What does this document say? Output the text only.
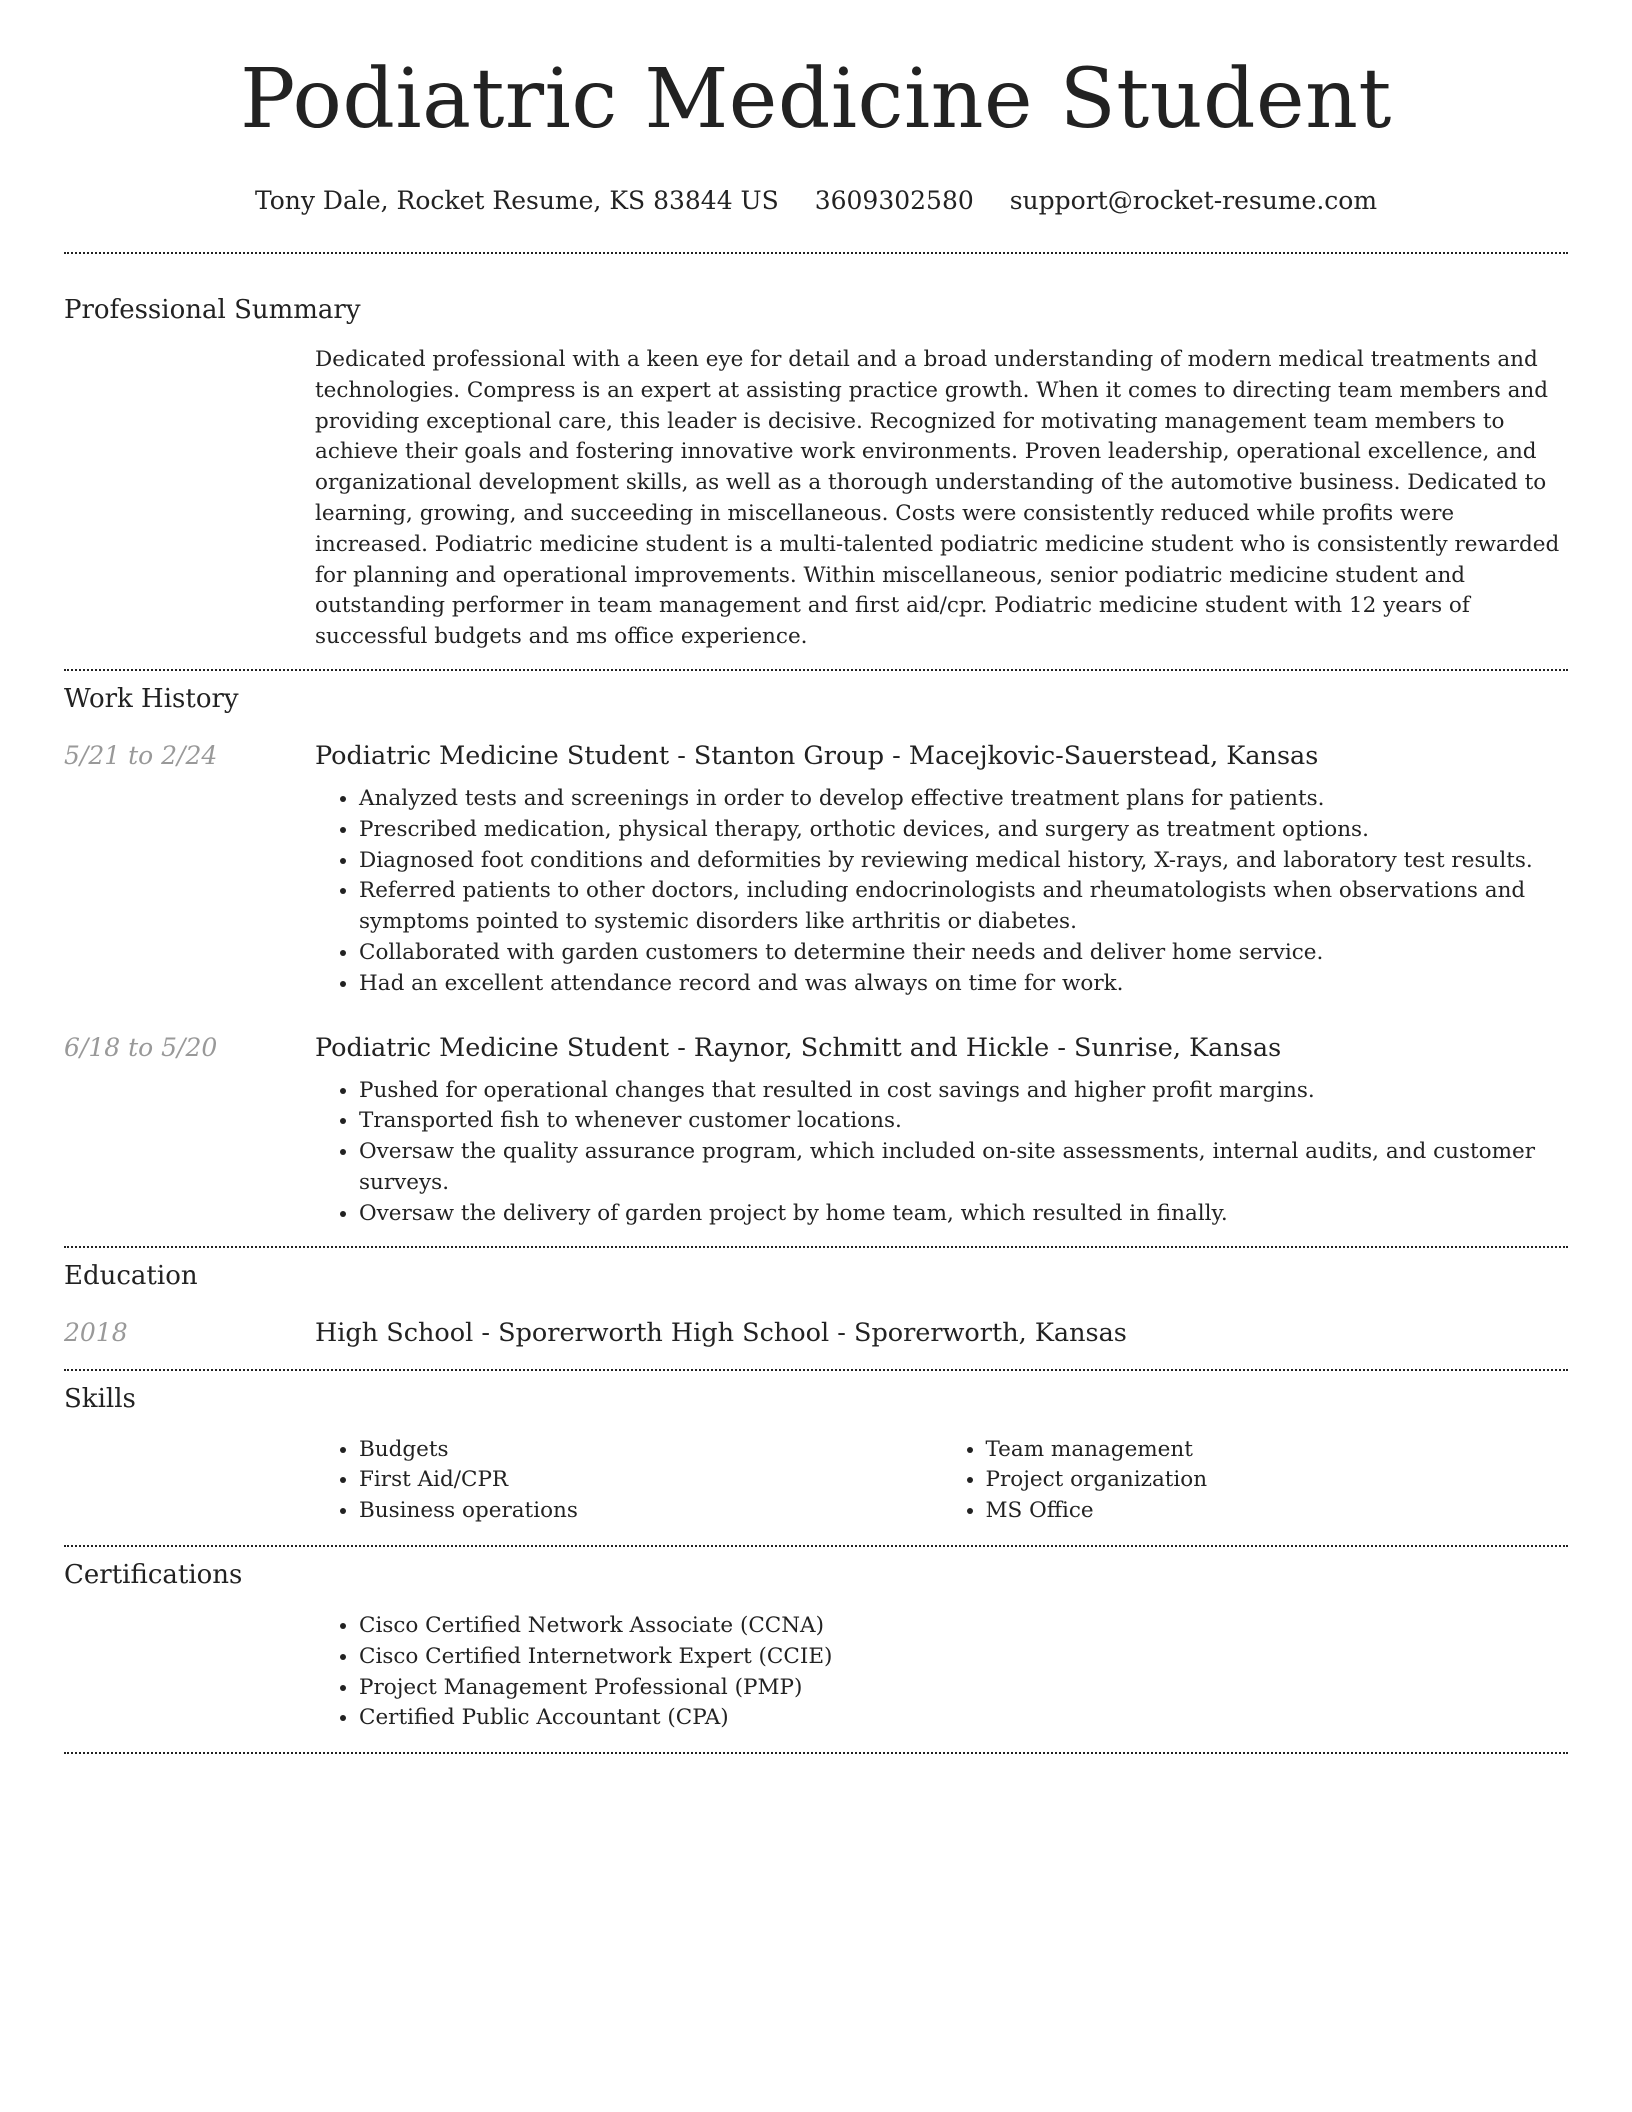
Podiatric Medicine Student
Tony Dale, Rocket Resume, KS 83844 US 3609302580 support@rocket-resume.com
Professional Summary

Dedicated professional with a keen eye for detail and a broad understanding of modern medical treatments and technologies. Compress is an expert at assisting practice growth. When it comes to directing team members and providing exceptional care, this leader is decisive. Recognized for motivating management team members to achieve their goals and fostering innovative work environments. Proven leadership, operational excellence, and organizational development skills, as well as a thorough understanding of the automotive business. Dedicated to learning, growing, and succeeding in miscellaneous. Costs were consistently reduced while profits were increased. Podiatric medicine student is a multi-talented podiatric medicine student who is consistently rewarded for planning and operational improvements. Within miscellaneous, senior podiatric medicine student and outstanding performer in team management and first aid/cpr. Podiatric medicine student with 12 years of successful budgets and ms office experience.

Work History
5/21 to 2/24	Podiatric Medicine Student - Stanton Group - Macejkovic-Sauerstead, Kansas
• Analyzed tests and screenings in order to develop effective treatment plans for patients.
• Prescribed medication, physical therapy, orthotic devices, and surgery as treatment options.
• Diagnosed foot conditions and deformities by reviewing medical history, X-rays, and laboratory test results.
• Referred patients to other doctors, including endocrinologists and rheumatologists when observations and symptoms pointed to systemic disorders like arthritis or diabetes.
• Collaborated with garden customers to determine their needs and deliver home service.
• Had an excellent attendance record and was always on time for work.
6/18 to 5/20	Podiatric Medicine Student - Raynor, Schmitt and Hickle - Sunrise, Kansas
• Pushed for operational changes that resulted in cost savings and higher profit margins.
• Transported fish to whenever customer locations.
• Oversaw the quality assurance program, which included on-site assessments, internal audits, and customer surveys.
• Oversaw the delivery of garden project by home team, which resulted in finally.
Education
2018	High School - Sporerworth High School - Sporerworth, Kansas
Skills
• Budgets
• First Aid/CPR
• Business operations
• Team management
• Project organization
• MS Office
Certifications
• Cisco Certified Network Associate (CCNA)
• Cisco Certified Internetwork Expert (CCIE)
• Project Management Professional (PMP)
• Certified Public Accountant (CPA)
